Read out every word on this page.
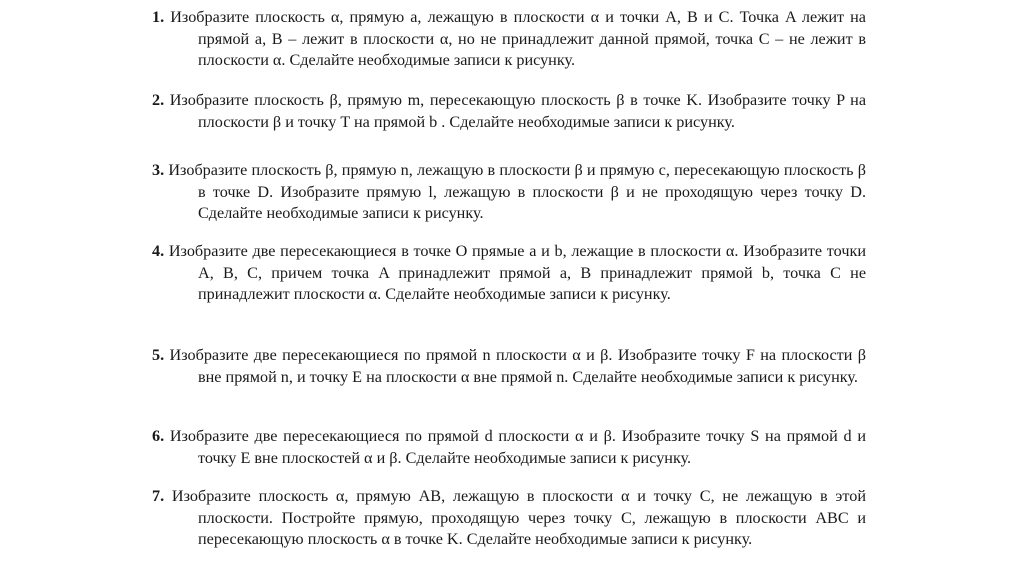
1. Изобразите плоскость α, прямую a, лежащую в плоскости α и точки A, B и C. Точка A лежит на прямой a, B – лежит в плоскости α, но не принадлежит данной прямой, точка C – не лежит в плоскости α. Сделайте необходимые записи к рисунку.

2. Изобразите плоскость β, прямую m, пересекающую плоскость β в точке K. Изобразите точку P на плоскости β и точку T на прямой b . Сделайте необходимые записи к рисунку.

3. Изобразите плоскость β, прямую n, лежащую в плоскости β и прямую c, пересекающую плоскость β в точке D. Изобразите прямую l, лежащую в плоскости β и не проходящую через точку D. Сделайте необходимые записи к рисунку.

4. Изобразите две пересекающиеся в точке O прямые a и b, лежащие в плоскости α. Изобразите точки A, B, C, причем точка A принадлежит прямой a, B принадлежит прямой b, точка C не принадлежит плоскости α. Сделайте необходимые записи к рисунку.

5. Изобразите две пересекающиеся по прямой n плоскости α и β. Изобразите точку F на плоскости β вне прямой n, и точку E на плоскости α вне прямой n. Сделайте необходимые записи к рисунку.

6. Изобразите две пересекающиеся по прямой d плоскости α и β. Изобразите точку S на прямой d и точку E вне плоскостей α и β. Сделайте необходимые записи к рисунку.

7. Изобразите плоскость α, прямую AB, лежащую в плоскости α и точку C, не лежащую в этой плоскости. Постройте прямую, проходящую через точку C, лежащую в плоскости ABC и пересекающую плоскость α в точке K. Сделайте необходимые записи к рисунку.
